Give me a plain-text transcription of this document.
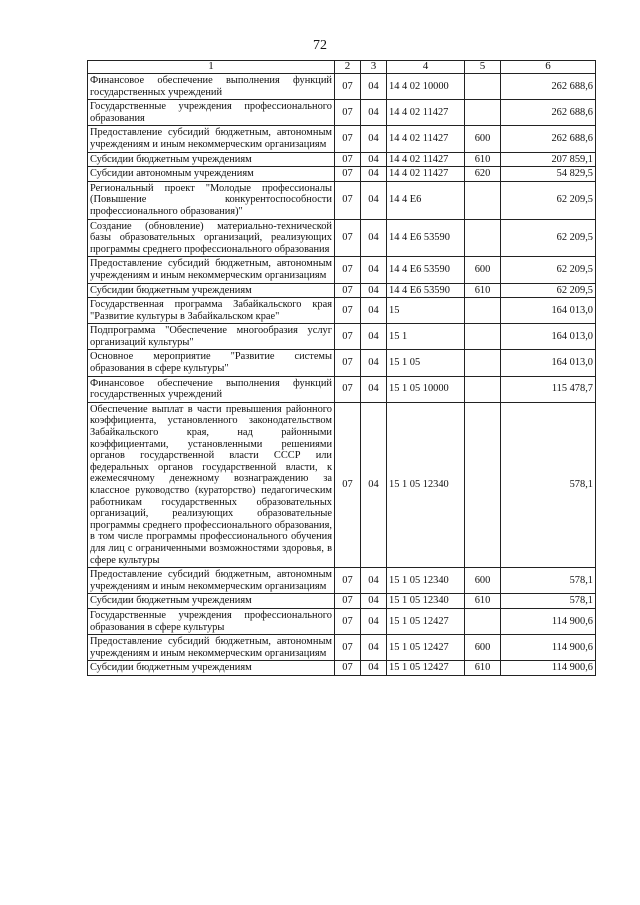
72
1	2	3	4	5	6
Финансовое обеспечение выполнения функций государственных учреждений	07	04	14 4 02 10000		262 688,6
Государственные учреждения профессионального образования	07	04	14 4 02 11427		262 688,6
Предоставление субсидий бюджетным, автономным учреждениям и иным некоммерческим организациям	07	04	14 4 02 11427	600	262 688,6
Субсидии бюджетным учреждениям	07	04	14 4 02 11427	610	207 859,1
Субсидии автономным учреждениям	07	04	14 4 02 11427	620	54 829,5
Региональный проект "Молодые профессионалы (Повышение конкурентоспособности профессионального образования)"	07	04	14 4 E6		62 209,5
Создание (обновление) материально-технической базы образовательных организаций, реализующих программы среднего профессионального образования	07	04	14 4 E6 53590		62 209,5
Предоставление субсидий бюджетным, автономным учреждениям и иным некоммерческим организациям	07	04	14 4 E6 53590	600	62 209,5
Субсидии бюджетным учреждениям	07	04	14 4 E6 53590	610	62 209,5
Государственная программа Забайкальского края "Развитие культуры в Забайкальском крае"	07	04	15		164 013,0
Подпрограмма "Обеспечение многообразия услуг организаций культуры"	07	04	15 1		164 013,0
Основное мероприятие "Развитие системы образования в сфере культуры"	07	04	15 1 05		164 013,0
Финансовое обеспечение выполнения функций государственных учреждений	07	04	15 1 05 10000		115 478,7
Обеспечение выплат в части превышения районного коэффициента, установленного законодательством Забайкальского края, над районными коэффициентами, установленными решениями органов государственной власти СССР или федеральных органов государственной власти, к ежемесячному денежному вознаграждению за классное руководство (кураторство) педагогическим работникам государственных образовательных организаций, реализующих образовательные программы среднего профессионального образования, в том числе программы профессионального обучения для лиц с ограниченными возможностями здоровья, в сфере культуры	07	04	15 1 05 12340		578,1
Предоставление субсидий бюджетным, автономным учреждениям и иным некоммерческим организациям	07	04	15 1 05 12340	600	578,1
Субсидии бюджетным учреждениям	07	04	15 1 05 12340	610	578,1
Государственные учреждения профессионального образования в сфере культуры	07	04	15 1 05 12427		114 900,6
Предоставление субсидий бюджетным, автономным учреждениям и иным некоммерческим организациям	07	04	15 1 05 12427	600	114 900,6
Субсидии бюджетным учреждениям	07	04	15 1 05 12427	610	114 900,6
